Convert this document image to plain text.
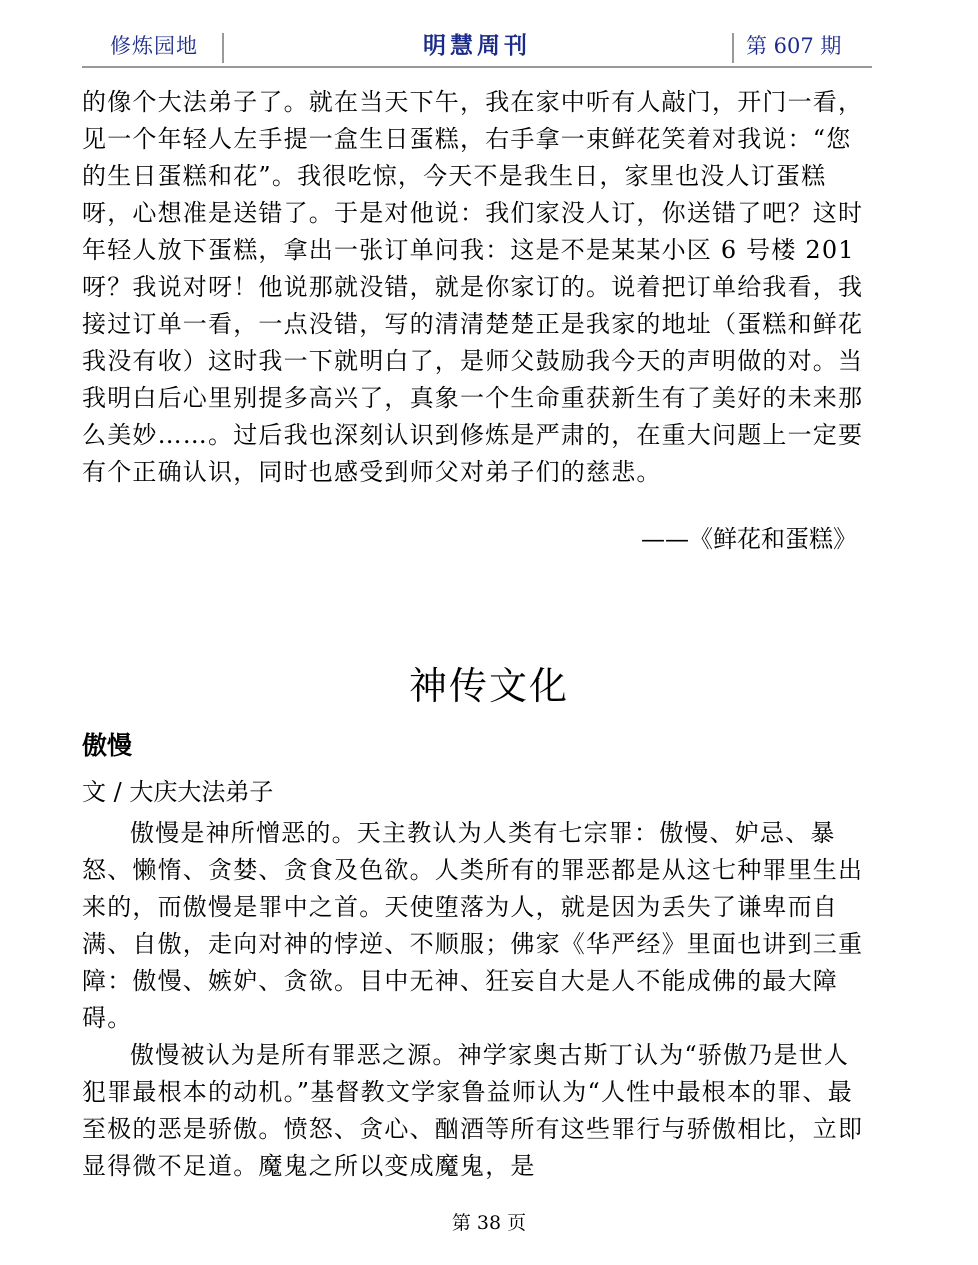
修炼园地	明慧周刊	第 607 期

的像个大法弟子了。就在当天下午，我在家中听有人敲门，开门一看，见一个年轻人左手提一盒生日蛋糕，右手拿一束鲜花笑着对我说：“您的生日蛋糕和花”。我很吃惊，今天不是我生日，家里也没人订蛋糕呀，心想准是送错了。于是对他说：我们家没人订，你送错了吧？这时年轻人放下蛋糕，拿出一张订单问我：这是不是某某小区 6 号楼 201 呀？我说对呀！他说那就没错，就是你家订的。说着把订单给我看，我接过订单一看，一点没错，写的清清楚楚正是我家的地址（蛋糕和鲜花我没有收）这时我一下就明白了，是师父鼓励我今天的声明做的对。当我明白后心里别提多高兴了，真象一个生命重获新生有了美好的未来那么美妙……。过后我也深刻认识到修炼是严肃的，在重大问题上一定要有个正确认识，同时也感受到师父对弟子们的慈悲。

——《鲜花和蛋糕》
神传文化
傲慢
文 / 大庆大法弟子

傲慢是神所憎恶的。天主教认为人类有七宗罪：傲慢、妒忌、暴怒、懒惰、贪婪、贪食及色欲。人类所有的罪恶都是从这七种罪里生出来的，而傲慢是罪中之首。天使堕落为人，就是因为丢失了谦卑而自满、自傲，走向对神的悖逆、不顺服；佛家《华严经》里面也讲到三重障：傲慢、嫉妒、贪欲。目中无神、狂妄自大是人不能成佛的最大障碍。

傲慢被认为是所有罪恶之源。神学家奥古斯丁认为“骄傲乃是世人犯罪最根本的动机。”基督教文学家鲁益师认为“人性中最根本的罪、最至极的恶是骄傲。愤怒、贪心、酗酒等所有这些罪行与骄傲相比，立即显得微不足道。魔鬼之所以变成魔鬼，是

第 38 页
